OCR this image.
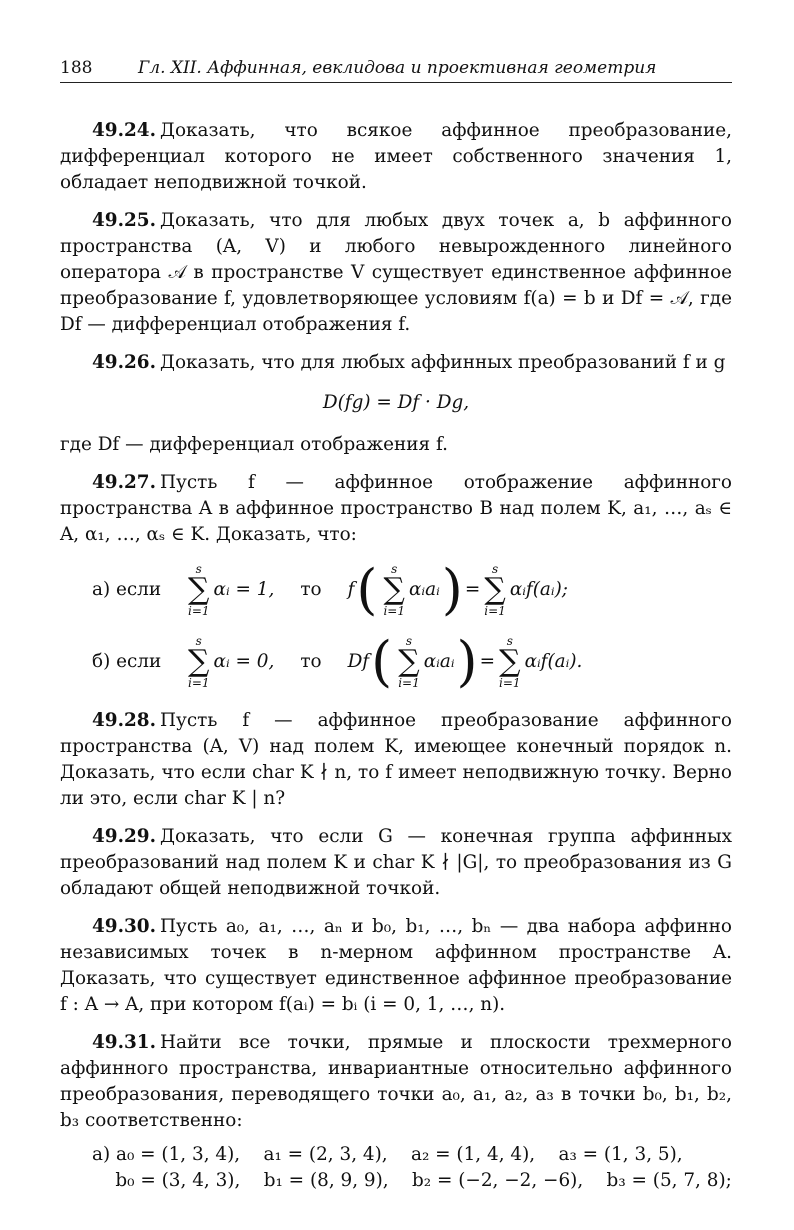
188	Гл. XII. Аффинная, евклидова и проективная геометрия

49.24. Доказать, что всякое аффинное преобразование, дифференциал которого не имеет собственного значения 1, обладает неподвижной точкой.

49.25. Доказать, что для любых двух точек a, b аффинного пространства (A, V) и любого невырожденного линейного оператора 𝒜 в пространстве V существует единственное аффинное преобразование f, удовлетворяющее условиям f(a) = b и Df = 𝒜, где Df — дифференциал отображения f.

49.26. Доказать, что для любых аффинных преобразований f и g

D(fg) = Df · Dg,

где Df — дифференциал отображения f.

49.27. Пусть f — аффинное отображение аффинного пространства A в аффинное пространство B над полем K, a₁, …, aₛ ∈ A, α₁, …, αₛ ∈ K. Доказать, что:

а) если
s
∑
i=1
αᵢ = 1, то f ( s
∑
i=1
αᵢaᵢ ) =
s
∑
i=1
αᵢf(aᵢ);
б) если
s
∑
i=1
αᵢ = 0, то Df ( s
∑
i=1
αᵢaᵢ ) =
s
∑
i=1
αᵢf(aᵢ).

49.28. Пусть f — аффинное преобразование аффинного пространства (A, V) над полем K, имеющее конечный порядок n. Доказать, что если char K ∤ n, то f имеет неподвижную точку. Верно ли это, если char K | n?

49.29. Доказать, что если G — конечная группа аффинных преобразований над полем K и char K ∤ |G|, то преобразования из G обладают общей неподвижной точкой.

49.30. Пусть a₀, a₁, …, aₙ и b₀, b₁, …, bₙ — два набора аффинно независимых точек в n-мерном аффинном пространстве A. Доказать, что существует единственное аффинное преобразование f : A → A, при котором f(aᵢ) = bᵢ (i = 0, 1, …, n).

49.31. Найти все точки, прямые и плоскости трехмерного аффинного пространства, инвариантные относительно аффинного преобразования, переводящего точки a₀, a₁, a₂, a₃ в точки b₀, b₁, b₂, b₃ соответственно:

а) a₀ = (1, 3, 4),    a₁ = (2, 3, 4),    a₂ = (1, 4, 4),    a₃ = (1, 3, 5),
b₀ = (3, 4, 3),    b₁ = (8, 9, 9),    b₂ = (−2, −2, −6),    b₃ = (5, 7, 8);
